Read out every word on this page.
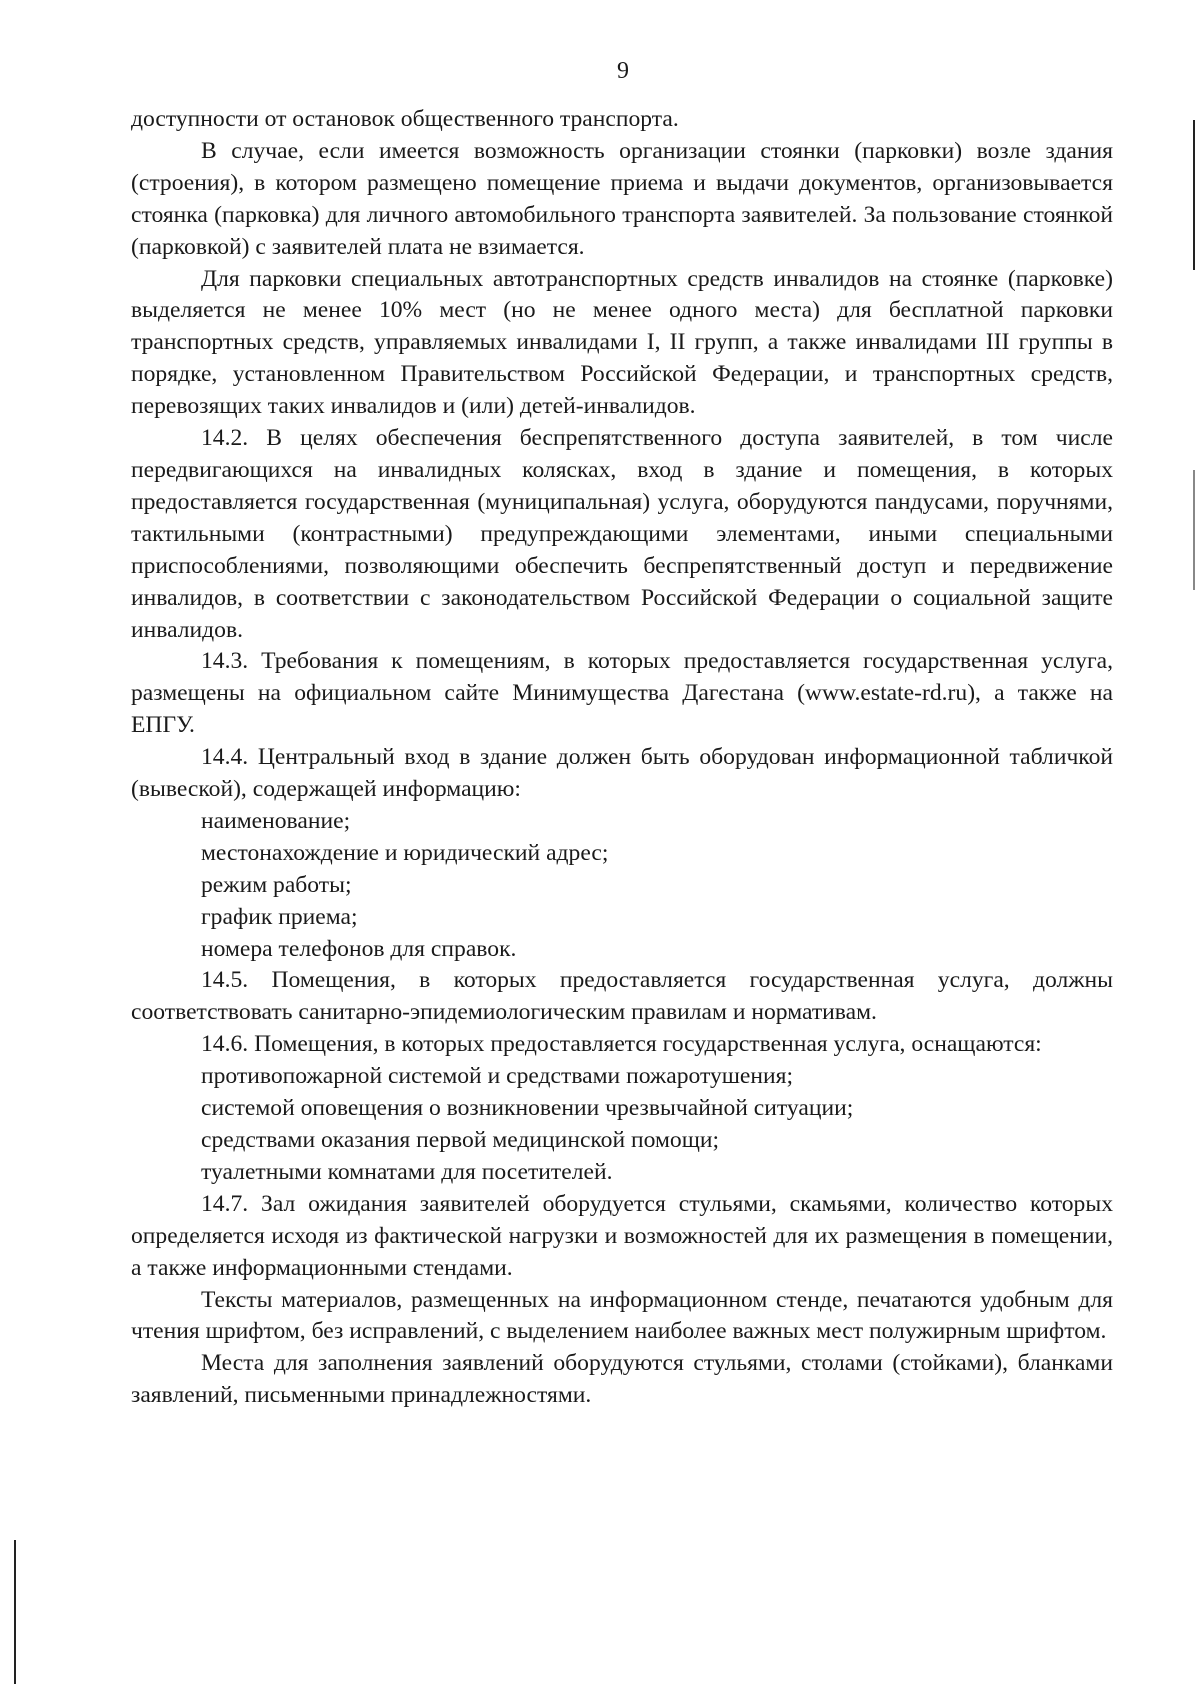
9

доступности от остановок общественного транспорта.

В случае, если имеется возможность организации стоянки (парковки) возле здания (строения), в котором размещено помещение приема и выдачи документов, организовывается стоянка (парковка) для личного автомобильного транспорта заявителей. За пользование стоянкой (парковкой) с заявителей плата не взимается.

Для парковки специальных автотранспортных средств инвалидов на стоянке (парковке) выделяется не менее 10% мест (но не менее одного места) для бесплатной парковки транспортных средств, управляемых инвалидами I, II групп, а также инвалидами III группы в порядке, установленном Правительством Российской Федерации, и транспортных средств, перевозящих таких инвалидов и (или) детей-инвалидов.

14.2. В целях обеспечения беспрепятственного доступа заявителей, в том числе передвигающихся на инвалидных колясках, вход в здание и помещения, в которых предоставляется государственная (муниципальная) услуга, оборудуются пандусами, поручнями, тактильными (контрастными) предупреждающими элементами, иными специальными приспособлениями, позволяющими обеспечить беспрепятственный доступ и передвижение инвалидов, в соответствии с законодательством Российской Федерации о социальной защите инвалидов.

14.3. Требования к помещениям, в которых предоставляется государственная услуга, размещены на официальном сайте Минимущества Дагестана (www.estate-rd.ru), а также на ЕПГУ.

14.4. Центральный вход в здание должен быть оборудован информационной табличкой (вывеской), содержащей информацию:

наименование;

местонахождение и юридический адрес;

режим работы;

график приема;

номера телефонов для справок.

14.5. Помещения, в которых предоставляется государственная услуга, должны соответствовать санитарно-эпидемиологическим правилам и нормативам.

14.6. Помещения, в которых предоставляется государственная услуга, оснащаются:

противопожарной системой и средствами пожаротушения;

системой оповещения о возникновении чрезвычайной ситуации;

средствами оказания первой медицинской помощи;

туалетными комнатами для посетителей.

14.7. Зал ожидания заявителей оборудуется стульями, скамьями, количество которых определяется исходя из фактической нагрузки и возможностей для их размещения в помещении, а также информационными стендами.

Тексты материалов, размещенных на информационном стенде, печатаются удобным для чтения шрифтом, без исправлений, с выделением наиболее важных мест полужирным шрифтом.

Места для заполнения заявлений оборудуются стульями, столами (стойками), бланками заявлений, письменными принадлежностями.
